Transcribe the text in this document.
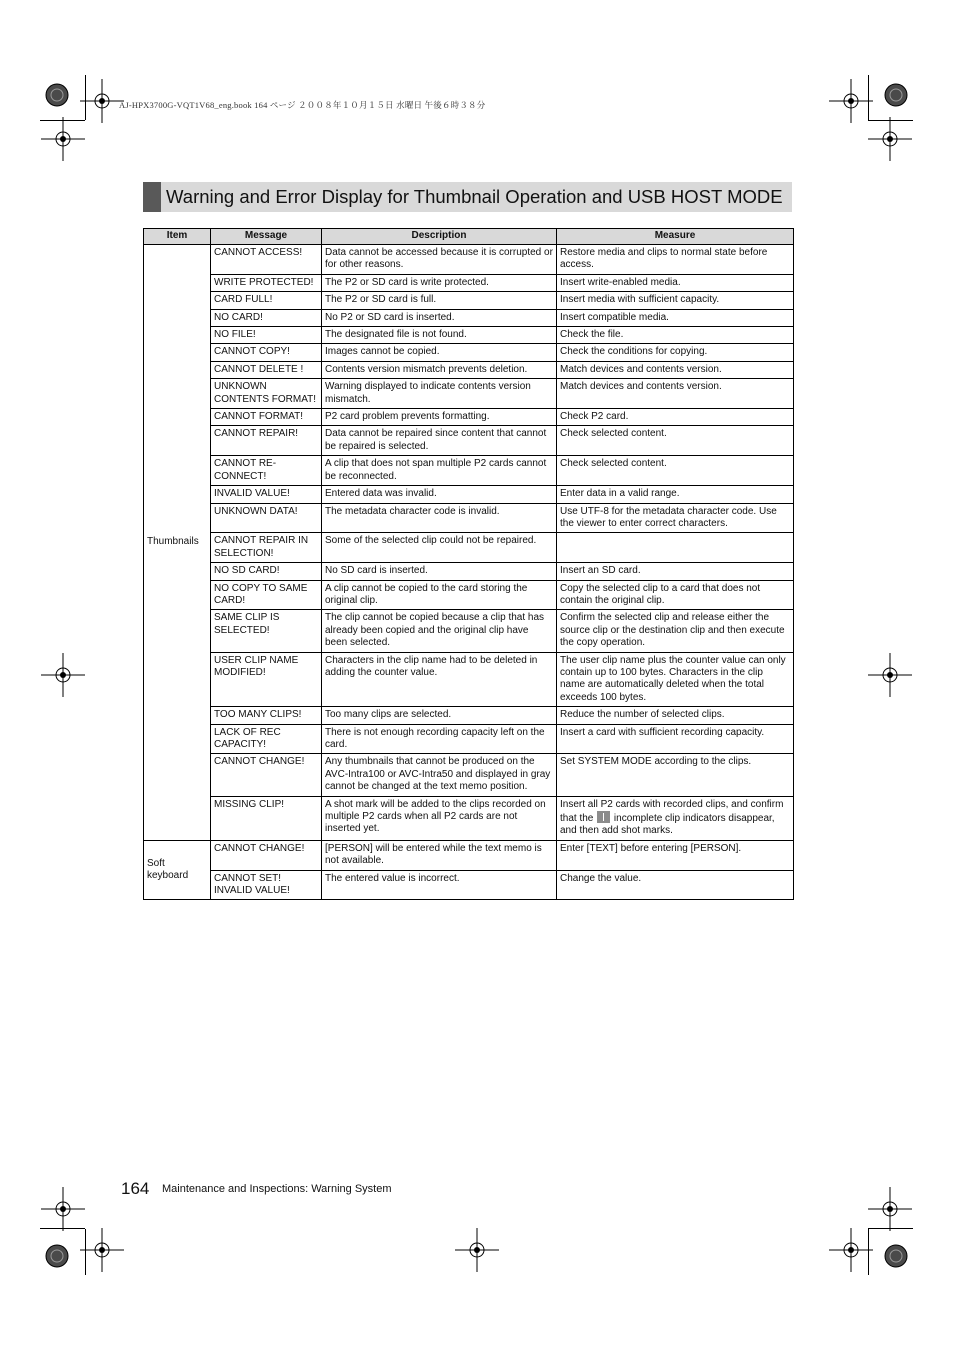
AJ-HPX3700G-VQT1V68_eng.book 164 ページ ２００８年１０月１５日 水曜日 午後６時３８分
Warning and Error Display for Thumbnail Operation and USB HOST MODE
Item	Message	Description	Measure
Thumbnails	CANNOT ACCESS!	Data cannot be accessed because it is corrupted or for other reasons.	Restore media and clips to normal state before access.
	WRITE PROTECTED!	The P2 or SD card is write protected.	Insert write-enabled media.
	CARD FULL!	The P2 or SD card is full.	Insert media with sufficient capacity.
	NO CARD!	No P2 or SD card is inserted.	Insert compatible media.
	NO FILE!	The designated file is not found.	Check the file.
	CANNOT COPY!	Images cannot be copied.	Check the conditions for copying.
	CANNOT DELETE !	Contents version mismatch prevents deletion.	Match devices and contents version.
	UNKNOWN CONTENTS FORMAT!	Warning displayed to indicate contents version mismatch.	Match devices and contents version.
	CANNOT FORMAT!	P2 card problem prevents formatting.	Check P2 card.
	CANNOT REPAIR!	Data cannot be repaired since content that cannot be repaired is selected.	Check selected content.
	CANNOT RE-CONNECT!	A clip that does not span multiple P2 cards cannot be reconnected.	Check selected content.
	INVALID VALUE!	Entered data was invalid.	Enter data in a valid range.
	UNKNOWN DATA!	The metadata character code is invalid.	Use UTF-8 for the metadata character code. Use the viewer to enter correct characters.
	CANNOT REPAIR IN SELECTION!	Some of the selected clip could not be repaired.	
	NO SD CARD!	No SD card is inserted.	Insert an SD card.
	NO COPY TO SAME CARD!	A clip cannot be copied to the card storing the original clip.	Copy the selected clip to a card that does not contain the original clip.
	SAME CLIP IS SELECTED!	The clip cannot be copied because a clip that has already been copied and the original clip have been selected.	Confirm the selected clip and release either the source clip or the destination clip and then execute the copy operation.
	USER CLIP NAME MODIFIED!	Characters in the clip name had to be deleted in adding the counter value.	The user clip name plus the counter value can only contain up to 100 bytes. Characters in the clip name are automatically deleted when the total exceeds 100 bytes.
	TOO MANY CLIPS!	Too many clips are selected.	Reduce the number of selected clips.
	LACK OF REC CAPACITY!	There is not enough recording capacity left on the card.	Insert a card with sufficient recording capacity.
	CANNOT CHANGE!	Any thumbnails that cannot be produced on the AVC-Intra100 or AVC-Intra50 and displayed in gray cannot be changed at the text memo position.	Set SYSTEM MODE according to the clips.
	MISSING CLIP!	A shot mark will be added to the clips recorded on multiple P2 cards when all P2 cards are not inserted yet.	Insert all P2 cards with recorded clips, and confirm that the incomplete clip indicators disappear, and then add shot marks.
Soft keyboard	CANNOT CHANGE!	[PERSON] will be entered while the text memo is not available.	Enter [TEXT] before entering [PERSON].
	CANNOT SET! INVALID VALUE!	The entered value is incorrect.	Change the value.
164 Maintenance and Inspections: Warning System
